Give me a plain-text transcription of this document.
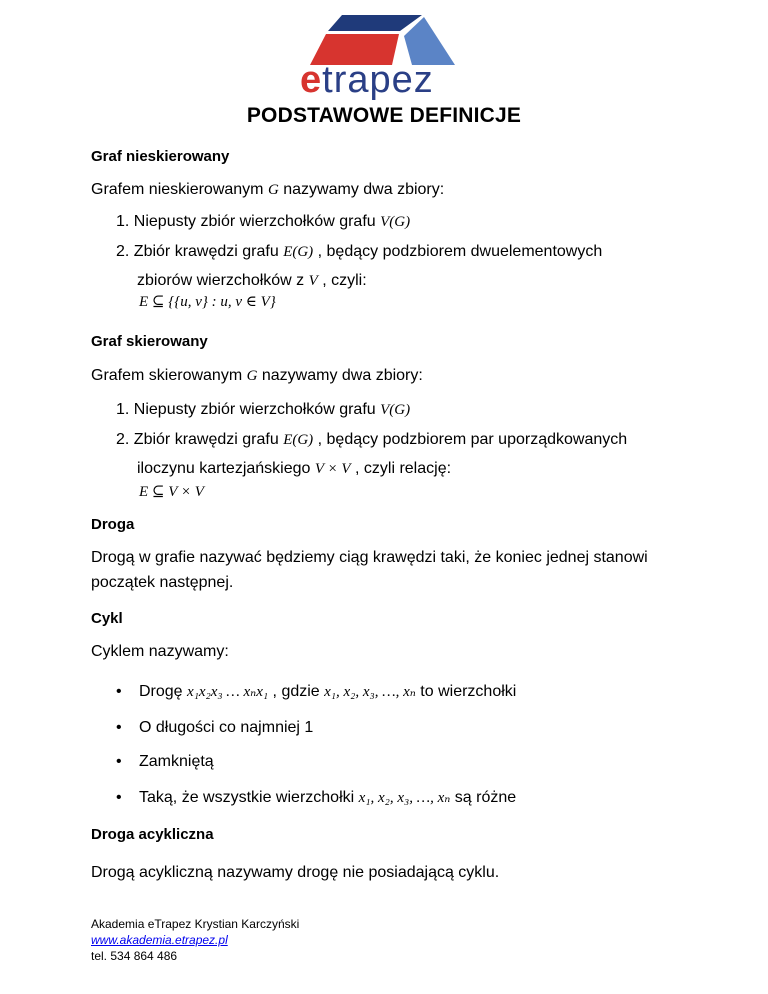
etrapez
PODSTAWOWE DEFINICJE
Graf nieskierowany
Grafem nieskierowanym G nazywamy dwa zbiory:
1. Niepusty zbiór wierzchołków grafu V(G)
2. Zbiór krawędzi grafu E(G) , będący podzbiorem dwuelementowych
zbiorów wierzchołków z V , czyli:
E ⊆ {{u, v} : u, v ∈ V}
Graf skierowany
Grafem skierowanym G nazywamy dwa zbiory:
1. Niepusty zbiór wierzchołków grafu V(G)
2. Zbiór krawędzi grafu E(G) , będący podzbiorem par uporządkowanych
iloczynu kartezjańskiego V × V , czyli relację:
E ⊆ V × V
Droga
Drogą w grafie nazywać będziemy ciąg krawędzi taki, że koniec jednej stanowi
początek następnej.
Cykl
Cyklem nazywamy:
• Drogę x₁x₂x₃ … xₙx₁ , gdzie x₁, x₂, x₃, …, xₙ to wierzchołki
• O długości co najmniej 1
• Zamkniętą
• Taką, że wszystkie wierzchołki x₁, x₂, x₃, …, xₙ są różne
Droga acykliczna
Drogą acykliczną nazywamy drogę nie posiadającą cyklu.
Akademia eTrapez Krystian Karczyński
www.akademia.etrapez.pl
tel. 534 864 486
